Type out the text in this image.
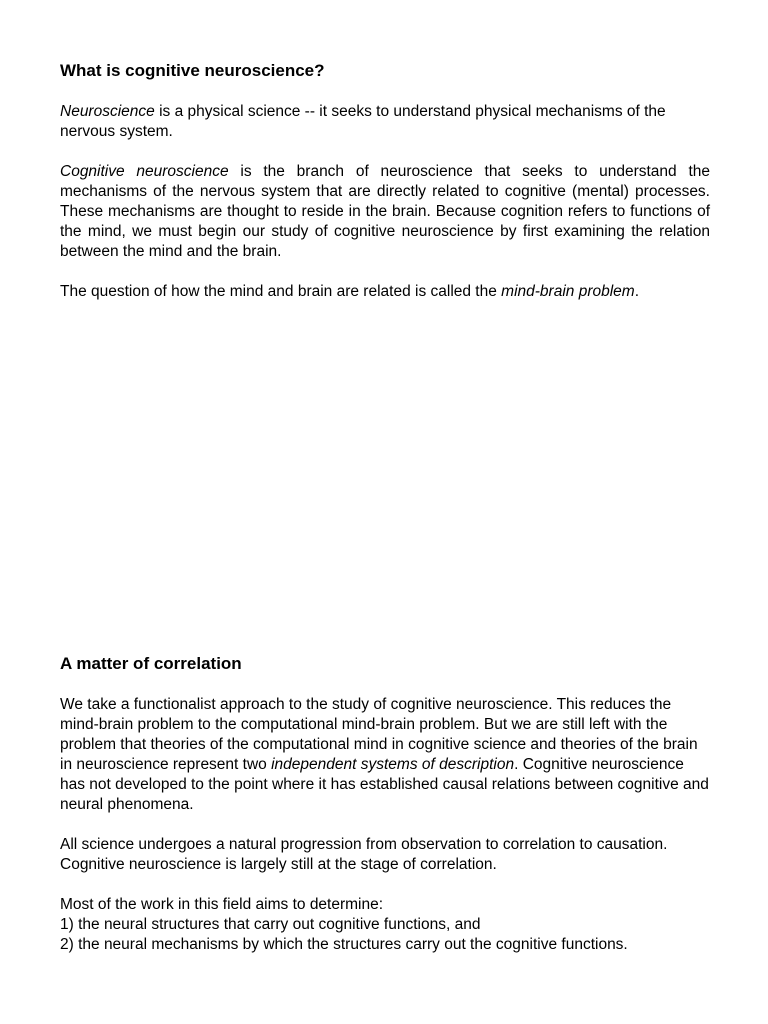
What is cognitive neuroscience?

Neuroscience is a physical science -- it seeks to understand physical mechanisms of the nervous system.

Cognitive neuroscience is the branch of neuroscience that seeks to understand the mechanisms of the nervous system that are directly related to cognitive (mental) processes. These mechanisms are thought to reside in the brain. Because cognition refers to functions of the mind, we must begin our study of cognitive neuroscience by first examining the relation between the mind and the brain.

The question of how the mind and brain are related is called the mind-brain problem.

A matter of correlation

We take a functionalist approach to the study of cognitive neuroscience. This reduces the mind-brain problem to the computational mind-brain problem. But we are still left with the problem that theories of the computational mind in cognitive science and theories of the brain in neuroscience represent two independent systems of description. Cognitive neuroscience has not developed to the point where it has established causal relations between cognitive and neural phenomena.

All science undergoes a natural progression from observation to correlation to causation. Cognitive neuroscience is largely still at the stage of correlation.

Most of the work in this field aims to determine:
1) the neural structures that carry out cognitive functions, and
2) the neural mechanisms by which the structures carry out the cognitive functions.
